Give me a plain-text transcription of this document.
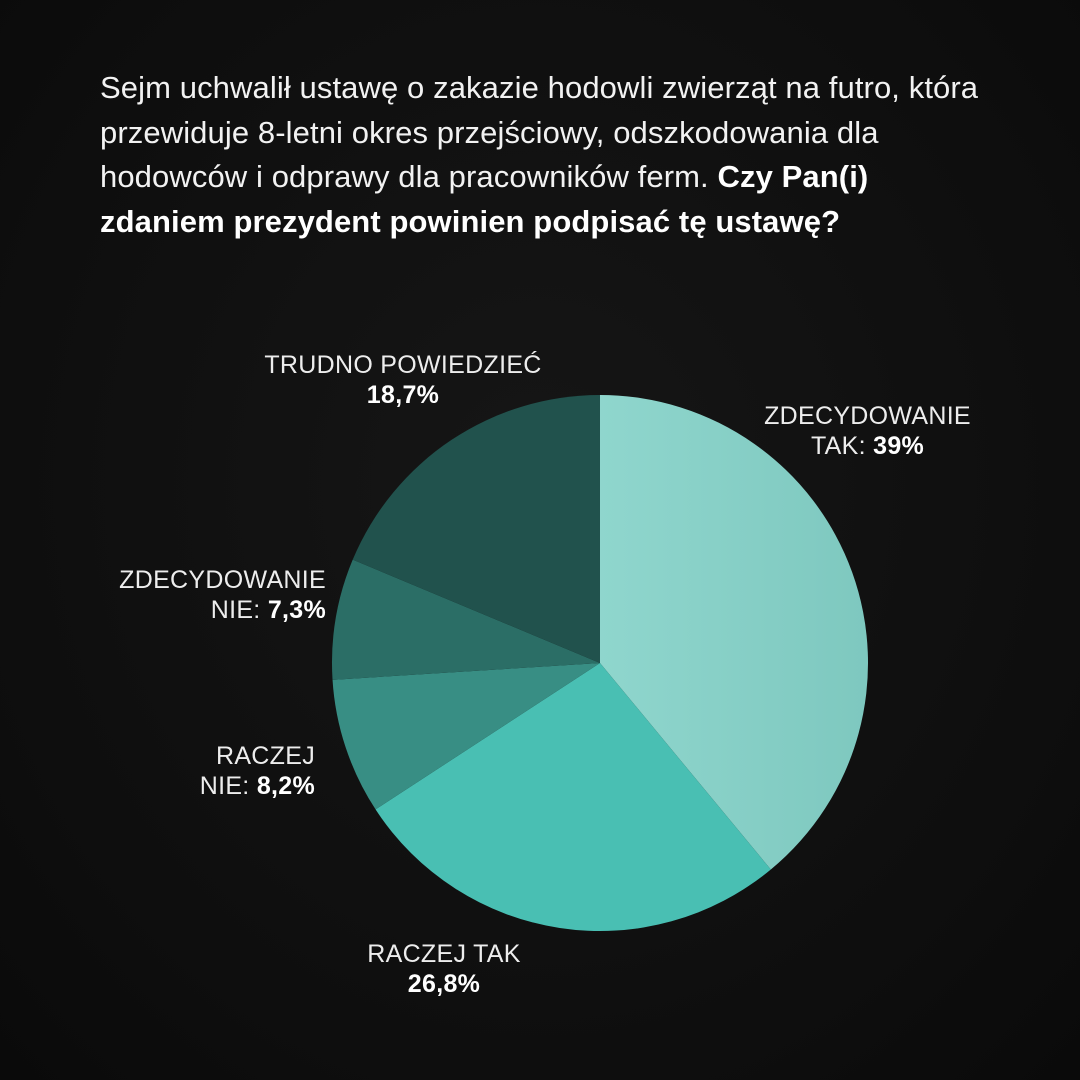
Sejm uchwalił ustawę o zakazie hodowli zwierząt na futro, która przewiduje 8-letni okres przejściowy, odszkodowania dla hodowców i odprawy dla pracowników ferm. Czy Pan(i) zdaniem prezydent powinien podpisać tę ustawę?
ZDECYDOWANIE
TAK: 39%
RACZEJ TAK
26,8%
RACZEJ
NIE: 8,2%
ZDECYDOWANIE
NIE: 7,3%
TRUDNO POWIEDZIEĆ
18,7%
